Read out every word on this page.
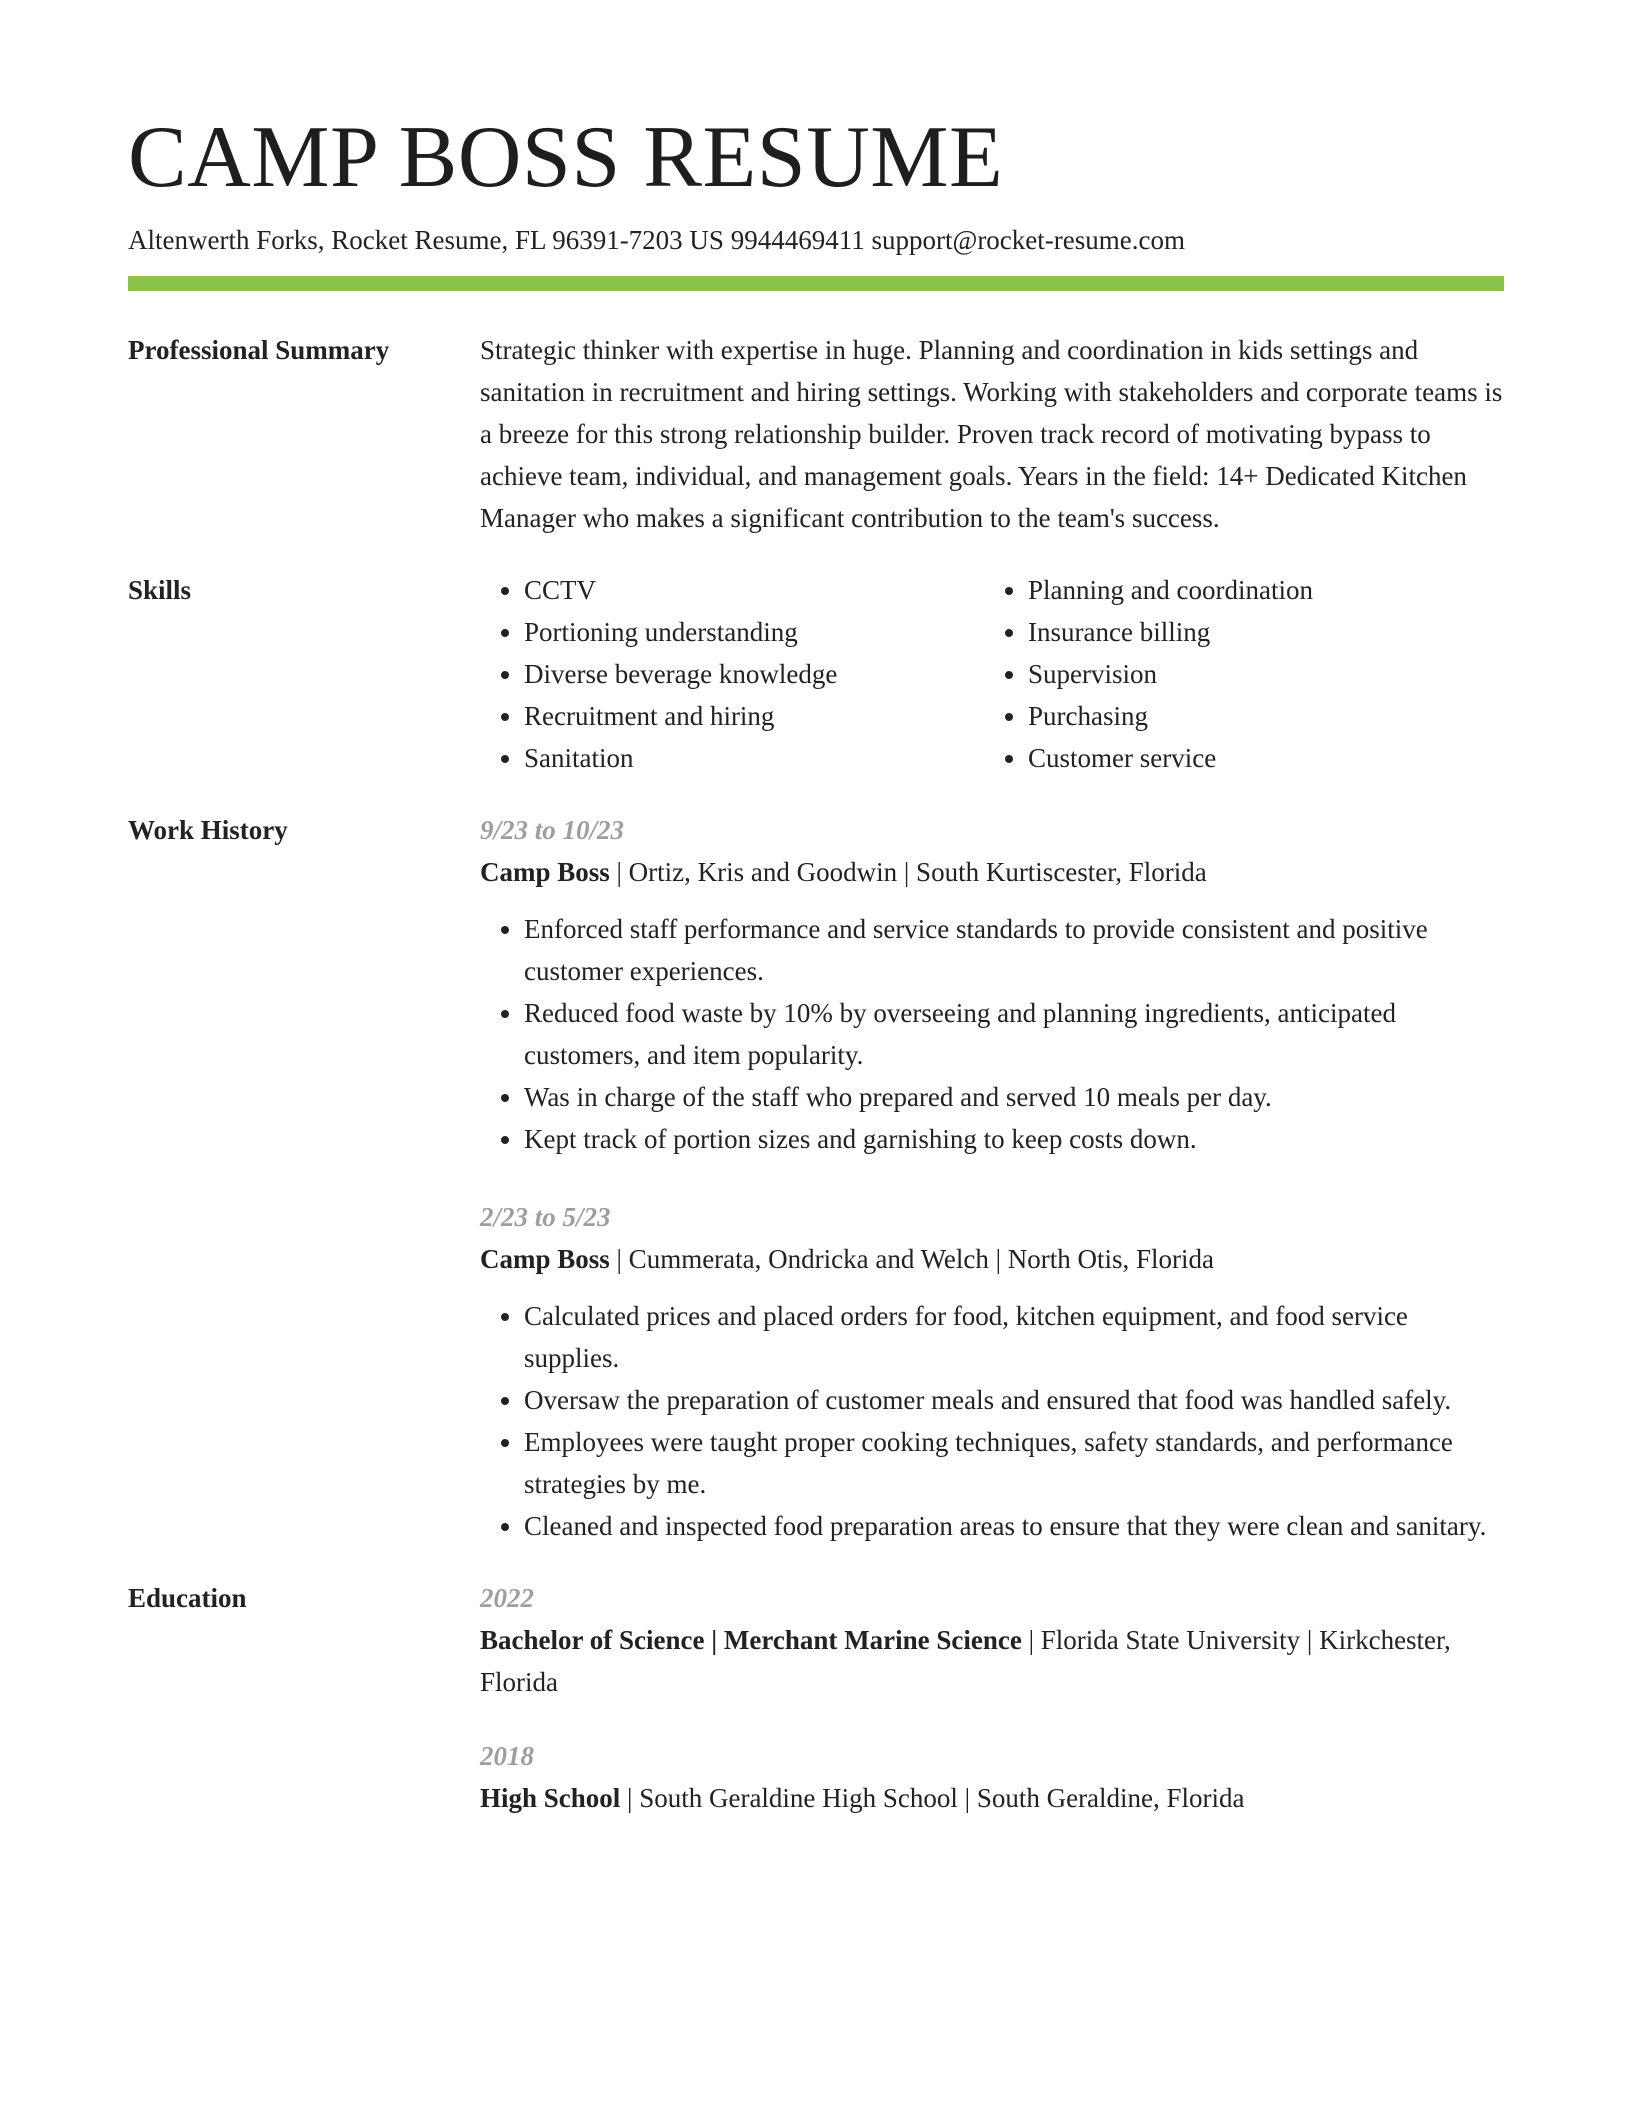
CAMP BOSS RESUME
Altenwerth Forks, Rocket Resume, FL 96391-7203 US 9944469411 support@rocket-resume.com
Professional Summary	Strategic thinker with expertise in huge. Planning and coordination in kids settings and sanitation in recruitment and hiring settings. Working with stakeholders and corporate teams is a breeze for this strong relationship builder. Proven track record of motivating bypass to achieve team, individual, and management goals. Years in the field: 14+ Dedicated Kitchen Manager who makes a significant contribution to the team's success.

Skills
•	CCTV
• Portioning understanding
• Diverse beverage knowledge
• Recruitment and hiring
• Sanitation
• Planning and coordination
• Insurance billing
• Supervision
• Purchasing
• Customer service
Work History	9/23 to 10/23
Camp Boss | Ortiz, Kris and Goodwin | South Kurtiscester, Florida
• Enforced staff performance and service standards to provide consistent and positive customer experiences.
• Reduced food waste by 10% by overseeing and planning ingredients, anticipated customers, and item popularity.
• Was in charge of the staff who prepared and served 10 meals per day.
• Kept track of portion sizes and garnishing to keep costs down.
2/23 to 5/23
Camp Boss | Cummerata, Ondricka and Welch | North Otis, Florida
• Calculated prices and placed orders for food, kitchen equipment, and food service supplies.
• Oversaw the preparation of customer meals and ensured that food was handled safely.
• Employees were taught proper cooking techniques, safety standards, and performance strategies by me.
• Cleaned and inspected food preparation areas to ensure that they were clean and sanitary.
Education	2022
Bachelor of Science | Merchant Marine Science | Florida State University | Kirkchester, Florida
2018
High School | South Geraldine High School | South Geraldine, Florida
